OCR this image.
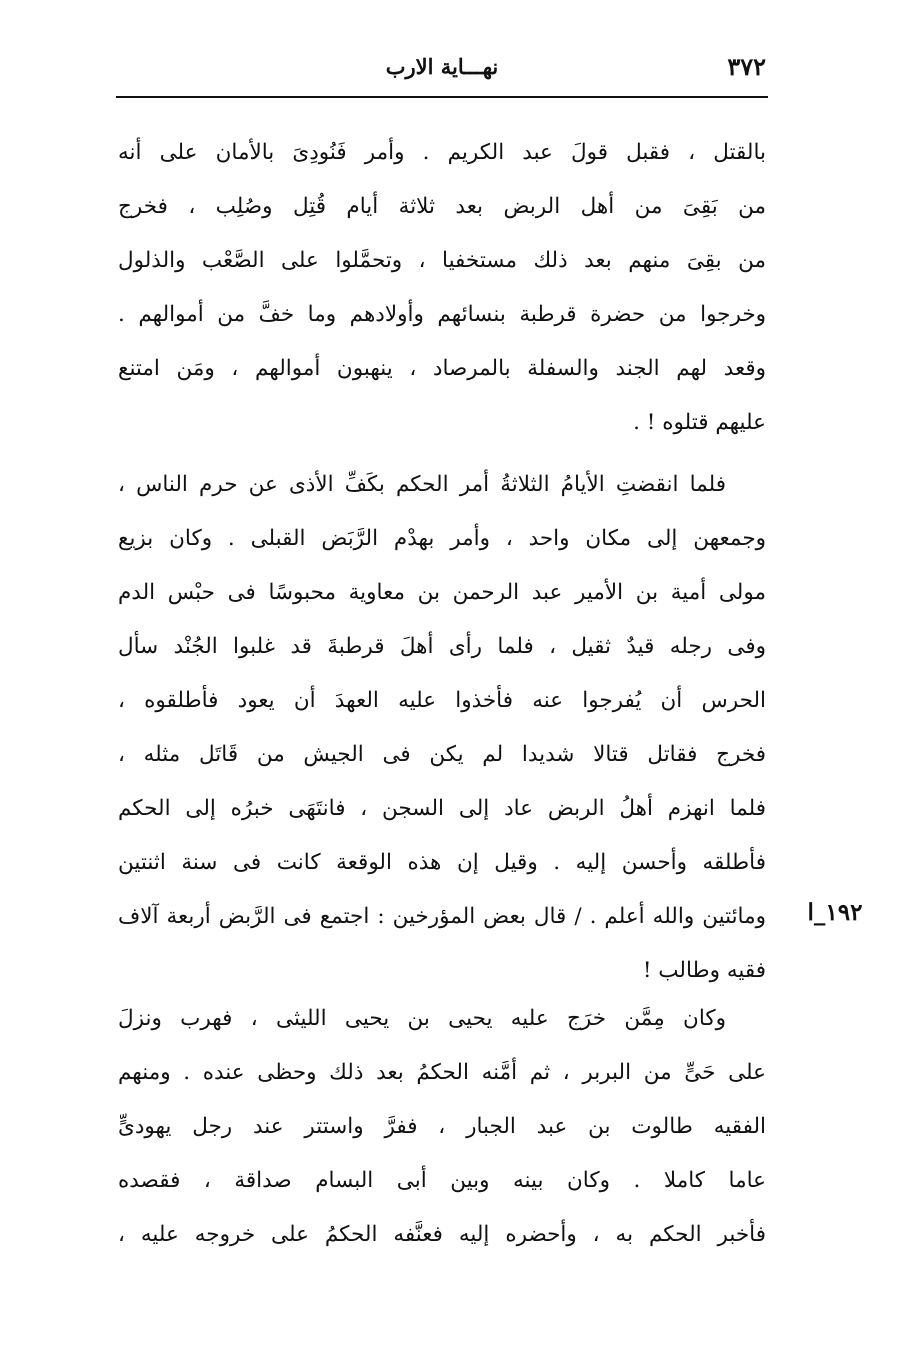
٣٧٢
نهـــاية الارب
١٩٢_ا
بالقتل ، فقبل قولَ عبد الكريم . وأمر فَنُودِىَ بالأمان على أنه
من بَقِىَ من أهل الربض بعد ثلاثة أيام قُتِل وصُلِب ، فخرج
من بقِىَ منهم بعد ذلك مستخفيا ، وتحمَّلوا على الصَّعْب والذلول
وخرجوا من حضرة قرطبة بنسائهم وأولادهم وما خفَّ من أموالهم .
وقعد لهم الجند والسفلة بالمرصاد ، ينهبون أموالهم ، ومَن امتنع
عليهم قتلوه ! .
فلما انقضتِ الأيامُ الثلاثةُ أمر الحكم بكَفِّ الأذى عن حرم الناس ،
وجمعهن إلى مكان واحد ، وأمر بهدْم الرَّبَض القبلى . وكان بزيع
مولى أمية بن الأمير عبد الرحمن بن معاوية محبوسًا فى حبْس الدم
وفى رجله قيدٌ ثقيل ، فلما رأى أهلَ قرطبةَ قد غلبوا الجُنْد سأل
الحرس أن يُفرجوا عنه فأخذوا عليه العهدَ أن يعود فأطلقوه ،
فخرج فقاتل قتالا شديدا لم يكن فى الجيش من قَاتَل مثله ،
فلما انهزم أهلُ الربض عاد إلى السجن ، فانتَهَى خبرُه إلى الحكم
فأطلقه وأحسن إليه . وقيل إن هذه الوقعة كانت فى سنة اثنتين
ومائتين والله أعلم . / قال بعض المؤرخين : اجتمع فى الرَّبض أربعة آلاف
فقيه وطالب !
وكان مِمَّن خرَج عليه يحيى بن يحيى الليثى ، فهرب ونزلَ
على حَىٍّ من البربر ، ثم أمَّنه الحكمُ بعد ذلك وحظى عنده . ومنهم
الفقيه طالوت بن عبد الجبار ، ففرَّ واستتر عند رجل يهودىٍّ
عاما كاملا . وكان بينه وبين أبى البسام صداقة ، فقصده
فأخبر الحكم به ، وأحضره إليه فعنَّفه الحكمُ على خروجه عليه ،
